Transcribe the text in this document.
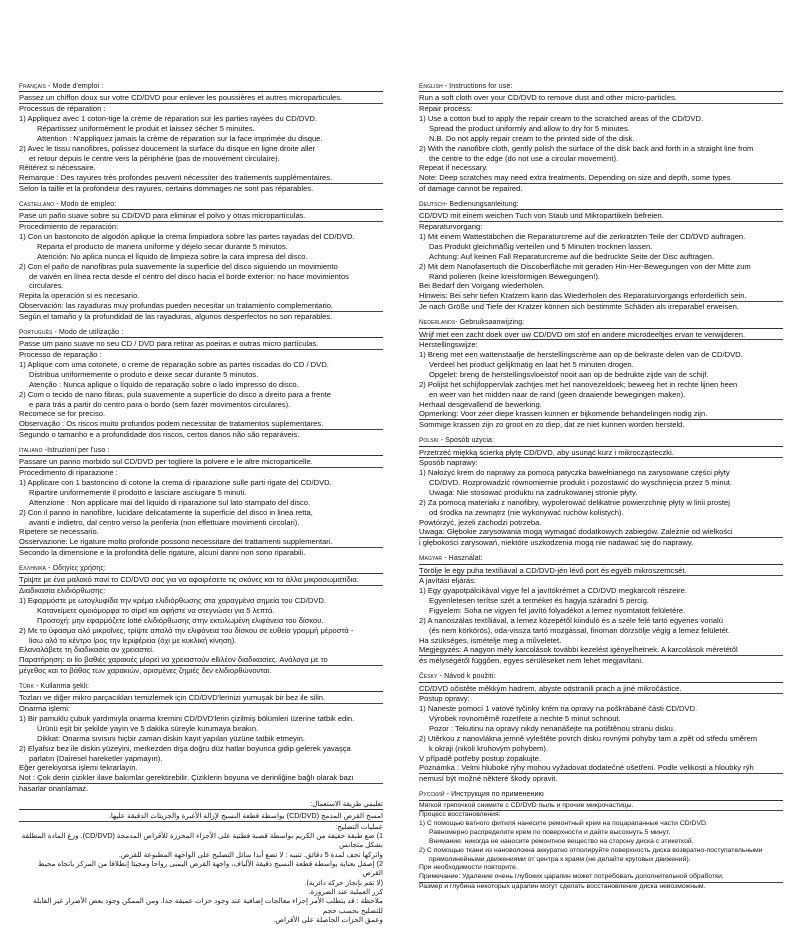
Français - Mode d'emploi :
Passez un chiffon doux sur votre CD/DVD pour enlever les poussières et autres microparticules.
Processus de réparation :
1) Appliquez avec 1 coton-tige la crème de réparation sur les parties rayées du CD/DVD.
Répartissez uniformément le produit et laissez sécher 5 minutes.
Attention : N'appliquez jamais la crème de réparation sur la face imprimée du disque.
2) Avec le tissu nanofibres, polissez doucement la surface du disque en ligne droite aller
et retour depuis le centre vers la périphérie (pas de mouvement circulaire).
Réitérez si nécessaire.
Remarque : Des rayures très profondes peuvent nécessiter des traitements supplémentaires.
Selon la taille et la profondeur des rayures, certains dommages ne sont pas réparables.
Castellano - Modo de empleo:
Pase un paño suave sobre su CD/DVD para eliminar el polvo y otras micropartículas.
Procedimiento de reparación:
1) Con un bastoncito de algodón aplique la crema limpiadora sobre las partes rayadas del CD/DVD.
Reparta el producto de manera uniforme y déjelo secar durante 5 minutos.
Atención: No aplica nunca el líquido de limpieza sobre la cara impresa del disco.
2) Con el paño de nanofibras pula suavemente la superficie del disco siguiendo un movimiento
de vaivén en línea recta desde el centro del disco hacia el borde exterior: no hace movimientos
circulares.
Repita la operación si es necesario.
Observación: las rayaduras muy profundas pueden necesitar un tratamiento complementario.
Según el tamaño y la profundidad de las rayaduras, algunos desperfectos no son reparables.
Português - Modo de utilização :
Passe um pano suave no seu CD / DVD para retirar as poeiras e outras micro partículas.
Processo de reparação :
1) Aplique com uma cotonete, o creme de reparação sobre as partes riscadas do CD / DVD.
Distribua uniformemente o produto e deixe secar durante 5 minutos.
Atenção : Nunca aplique o líquido de reparação sobre o lado impresso do disco.
2) Com o tecido de nano fibras, pula suavemente a superfície do disco a direito para a frente
e para trás a partir do centro para o bordo (sem fazer movimentos circulares).
Recomece se for preciso.
Observação : Os riscos muito profundos podem necessitar de tratamentos suplementares.
Segundo o tamanho e a profundidade dos riscos, certos danos não são reparáveis.
Italiano -Istruzioni per l'uso :
Passare un panno morbido sul CD/DVD per togliere la polvere e le altre microparticelle.
Procedimento di riparazione :
1) Applicare con 1 bastoncino di cotone la crema di riparazione sulle parti rigate del CD/DVD.
Ripartire uniformemente il prodotto e lasciare asciugare 5 minuti.
Attenzione : Non applicare mai del liquido di riparazione sul lato stampato del disco.
2) Con il panno in nanofibre, lucidare delicatamente la superficie del disco in linea retta,
avanti e indietro, dal centro verso la periferia (non effettuare movimenti circolari).
Ripetere se necessario.
Osservazione: Le rigature molto profonde possono necessitare dei trattamenti supplementari.
Secondo la dimensione e la profondità delle rigature, alcuni danni non sono riparabili.
Ελληνικά - Οδηγίες χρήσης:
Τρίψτε με ένα μαλακό πανί το CD/DVD σας για να αφαιρέσετε τις σκόνες και τα άλλα μικροσωματίδια.
Διαδικασία ελιδιόρθωσης:
1) Εφαρμόστε με ωτογλυφίδα την κρέμα ελιδιόρθωσης στα χαραγμένα σημεία του CD/DVD.
Κατανείμετε ομοιόμορφα το σίρεϊ και αφήστε να στεγνώσει για 5 λεπτά.
Προσοχή: μην εφαρμόζετε lotté ελιδιόρθωσης στην εκτυλωμένη ελιφάνεια του δίσκου.
2) Με το ύφασμα αλό μικροΐνες, τρίψτε απαλά την ελιφάνεια του δίσκου σε ευθεία γραμμή μέροστά -
lίσω αλό το κέντρο lρος την lεριφέρεια (όχι με κυκλική κίνηση).
Ελαναλάβετε τη διαδικασία αν χρειαστεί.
Παρατήρηση: οι lίο βαθιές χαρακιές μlορεί να χρειαστούν ellιλέον διαδικασίες. Ανάλογα με το
μέγεθος και το βάθος των χαρακιών, ορισμένες ζημιές δεν ελιδιορθώνονται.
Türk - Kullanma şekli:
Tozları ve diğer mikro parçacıkları temizlemek için CD/DVD'lerinizi yumuşak bir bez ile silin.
Onarma işlemi:
1) Bir pamuklu çubuk yardımıyla onarma kremini CD/DVD'lerin çizilmiş bölümleri üzerine tatbik edin.
Ürünü eşit bir şekilde yayın ve 5 dakika süreyle kurumaya bırakın.
Dikkat: Onarma sıvısını hiçbir zaman diskin kayıt yapılan yüzüne tatbik etmeyin.
2) Elyafsız bez ile diskin yüzeyini, merkezden dışa doğru düz hatlar boyunca gidip gelerek yavaşça
parlatın (Dairesel hareketler yapmayın).
Eğer gerekiyorsa işlemi tekrarlayın.
Not : Çok derin çizikler ilave bakımlar gerektirebilir. Çiziklerin boyuna ve derinliğine bağlı olarak bazı
hasarlar onarılamaz.
تعليمي طريقة الاستعمال:
امسح القرص المدمج (CD/DVD) بواسطة قطعة النسيج لإزالة الأغبرة والجزيئات الدقيقة عليها.
عمليات التصليح:
1) ضع طبقة خفيفة من الكريم بواسطة قصبة قطنية على الأجزاء المخززة للأقراص المدمجة (CD/DVD). وزع المادة المطلقة بشكل متجانس
واتركها تجف لمدة 5 دقائق. تنبيه : لا تضع أبدا سائل التصليح على الواجهة المطبوعة للقرص.
2) إصقل بعناية بواسطة قطعة النسيج دقيقة الألياف، واجهة القرص اليمنى رواحا ومجيئا إنطلاقا من المركز باتجاه محيط القرص
(لا تقم بإنجاز حركة دائرية).
كرر العملية عند الضرورة.
ملاحظة : قد يتطلب الأمر إجراء معالجات إضافية عند وجود حزات عميقة جدا. ومن الممكن وجود بعض الأضرار غير القابلة للتصليح بحسب حجم
وعمق الحزات الحاصلة على الأقراص.
English - Instructions for use:
Run a soft cloth over your CD/DVD to remove dust and other micro-particles.
Repair process:
1) Use a cotton bud to apply the repair cream to the scratched areas of the CD/DVD.
Spread the product uniformly and allow to dry for 5 minutes.
N.B. Do not apply repair cream to the printed side of the disk.
2) With the nanofibre cloth, gently polish the surface of the disk back and forth in a straight line from
the centre to the edge (do not use a circular movement).
Repeat if necessary.
Note: Deep scratches may need extra treatments. Depending on size and depth, some types
of damage cannot be repaired.
Deutsch- Bedienungsanleitung:
CD/DVD mit einem weichen Tuch von Staub und Mikropartikeln befreien.
Reparaturvorgang:
1) Mit einem Wattestäbchen die Reparaturcreme auf die zerkratzten Teile der CD/DVD auftragen.
Das Produkt gleichmäßig verteilen und 5 Minuten trocknen lassen.
Achtung: Auf keinen Fall Reparaturcreme auf die bedruckte Seite der Disc auftragen.
2) Mit dem Nanofasertuch die Discoberfläche mit geraden Hin-Her-Bewegungen von der Mitte zum
Rand polieren (keine kreisförmigen Bewegungen!).
Bei Bedarf den Vorgang wiederholen.
Hinweis: Bei sehr tiefen Kratzern kann das Wiederholen des Reparaturvorgangs erforderlich sein.
Je nach Größe und Tiefe der Kratzer können sich bestimmte Schäden als irreparabel erweisen.
Nederlands- Gebruiksaanwijzing:
Wrijf met een zacht doek over uw CD/DVD om stof en andere microdeeltjes ervan te verwijderen.
Herstellingswijze:
1) Breng met een wattenstaafje de herstellingscrème aan op de bekraste delen van de CD/DVD.
Verdeel het product gelijkmatig en laat het 5 minuten drogen.
Opgelet: breng de herstellingsvloeistof nooit aan op de bedrukte zijde van de schijf.
2) Polijst het schijfoppervlak zachtjes met het nanovezeldoek; beweeg het in rechte lijnen heen
en weer van het midden naar de rand (geen draaiende bewegingen maken).
Herhaal desgevallend de bewerking.
Opmerking: Voor zeer diepe krassen kunnen er bijkomende behandelingen nodig zijn.
Sommige krassen zijn zo groot en zo diep, dat ze niet kunnen worden hersteld.
Polski - Sposób użycia:
Przetrzeć miękką ścierką płytę CD/DVD, aby usunąć kurz i mikrocząsteczki.
Sposób naprawy:
1) Nałożyć krem do naprawy za pomocą patyczka bawełnianego na zarysowane części płyty
CD/DVD. Rozprowadzić równomiernie produkt i pozostawić do wyschnięcia przez 5 minut.
Uwaga: Nie stosować produktu na zadrukowanej stronie płyty.
2) Za pomocą materiału z nanofibry, wypolerować delikatnie powierzchnię płyty w linii prostej
od środka na zewnątrz (nie wykonywać ruchów kolistych).
Powtórzyć, jeżeli zachodzi potrzeba.
Uwaga: Głębokie zarysowania mogą wymagać dodatkowych zabiegów. Zależnie od wielkości
i głębokości zarysowań, niektóre uszkodzenia mogą nie nadawać się do naprawy.
Magyar - Használat:
Törölje le egy puha textíliával a CD/DVD-jén lévő port és egyéb mikroszemcsét.
A javítási eljárás:
1) Egy gyapotpálcikával vigye fel a javítókrémet a CD/DVD megkarcolt részeire.
Egyenletesen terítse szét a terméket és hagyja száradni 5 percig.
Figyelem: Soha ne vigyen fel javító folyadékot a lemez nyomtatott felületére.
2) A nanoszálas textíliával, a lemez közepétől kiinduló és a széle felé tartó egyenes vonalú
(és nem körkörös), oda-vissza tartó mozgással, finoman dörzsölje végig a lemez felületét.
Ha szükséges, ismételje meg a műveletet.
Megjegyzés: A nagyon mély karcolások további kezelést igényelhetnek. A karcolások méretétől
és mélységétől függően, egyes sérüléseket nem lehet megjavítani.
Česky - Návod k použití:
CD/DVD očistěte měkkým hadrem, abyste odstranili prach a jiné mikročástice.
Postup opravy:
1) Naneste pomocí 1 vatové tyčinky krém na opravy na poškrábané části CD/DVD.
Výrobek rovnoměrně rozetřete a nechte 5 minut schnout.
Pozor : Tekutinu na opravy nikdy nenanášejte na potištěnou stranu disku.
2) Utěrkou z nanovlákna jemně vyleštěte povrch disku rovnými pohyby tam a zpět od středu směrem
k okraji (nikoli kruhovým pohybem).
V případě potřeby postup zopakujte.
Poznámka : Velmi hluboké rýhy mohou vyžadovat dodatečné ošetření. Podle velikosti a hloubky rýh
nemusí být možné některé škody opravit.
Русский - Инструкция по применению
Мягкой тряпочкой снимите с CD/DVD пыль и прочие микрочастицы.
Процесс восстановления:
1) С помощью ватного фитиля нанесите ремонтный крем на поцарапанные части CD/DVD.
Равномерно распределите крем по поверхности и дайте высохнуть 5 минут.
Внимание: никогда не наносите ремонтное вещество на сторону диска с этикеткой.
2) С помощью ткани из нановолокна аккуратно отполируйте поверхность диска возвратно-поступательными
прямолинейными движениями от центра к краям (не делайте круговых движений).
При необходимости повторите.
Примечание: Удаление очень глубоких царапин может потребовать дополнительной обработки.
Размер и глубина некоторых царапин могут сделать восстановление диска невозможным.
